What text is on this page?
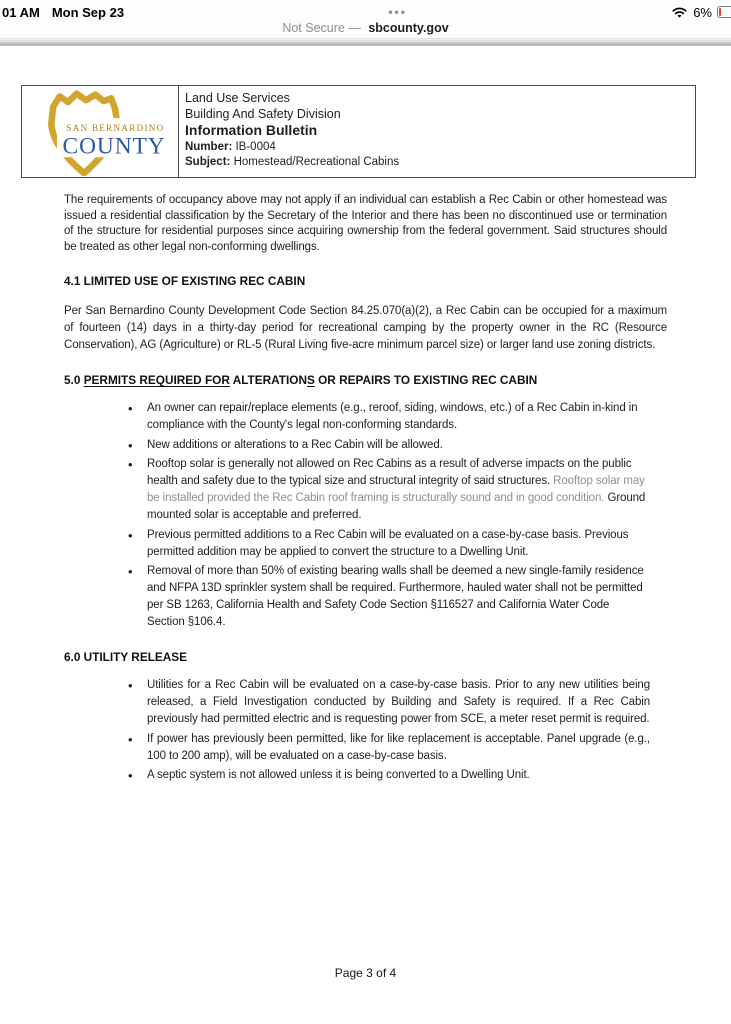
01 AM Mon Sep 23	•••	6%
Not Secure — sbcounty.gov
SAN BERNARDINO
COUNTY
Land Use Services
Building And Safety Division
Information Bulletin
Number: IB-0004
Subject: Homestead/Recreational Cabins

The requirements of occupancy above may not apply if an individual can establish a Rec Cabin or other homestead was issued a residential classification by the Secretary of the Interior and there has been no discontinued use or termination of the structure for residential purposes since acquiring ownership from the federal government. Said structures should be treated as other legal non-conforming dwellings.

4.1 LIMITED USE OF EXISTING REC CABIN

Per San Bernardino County Development Code Section 84.25.070(a)(2), a Rec Cabin can be occupied for a maximum of fourteen (14) days in a thirty-day period for recreational camping by the property owner in the RC (Resource Conservation), AG (Agriculture) or RL-5 (Rural Living five-acre minimum parcel size) or larger land use zoning districts.

5.0 PERMITS REQUIRED FOR ALTERATIONS OR REPAIRS TO EXISTING REC CABIN
• An owner can repair/replace elements (e.g., reroof, siding, windows, etc.) of a Rec Cabin in-kind in compliance with the County's legal non-conforming standards.
• New additions or alterations to a Rec Cabin will be allowed.
• Rooftop solar is generally not allowed on Rec Cabins as a result of adverse impacts on the public health and safety due to the typical size and structural integrity of said structures. Rooftop solar may be installed provided the Rec Cabin roof framing is structurally sound and in good condition. Ground mounted solar is acceptable and preferred.
• Previous permitted additions to a Rec Cabin will be evaluated on a case-by-case basis. Previous permitted addition may be applied to convert the structure to a Dwelling Unit.
• Removal of more than 50% of existing bearing walls shall be deemed a new single-family residence and NFPA 13D sprinkler system shall be required. Furthermore, hauled water shall not be permitted per SB 1263, California Health and Safety Code Section §116527 and California Water Code Section §106.4.
6.0 UTILITY RELEASE
• Utilities for a Rec Cabin will be evaluated on a case-by-case basis. Prior to any new utilities being released, a Field Investigation conducted by Building and Safety is required. If a Rec Cabin previously had permitted electric and is requesting power from SCE, a meter reset permit is required.
• If power has previously been permitted, like for like replacement is acceptable. Panel upgrade (e.g., 100 to 200 amp), will be evaluated on a case-by-case basis.
• A septic system is not allowed unless it is being converted to a Dwelling Unit.
Page 3 of 4
